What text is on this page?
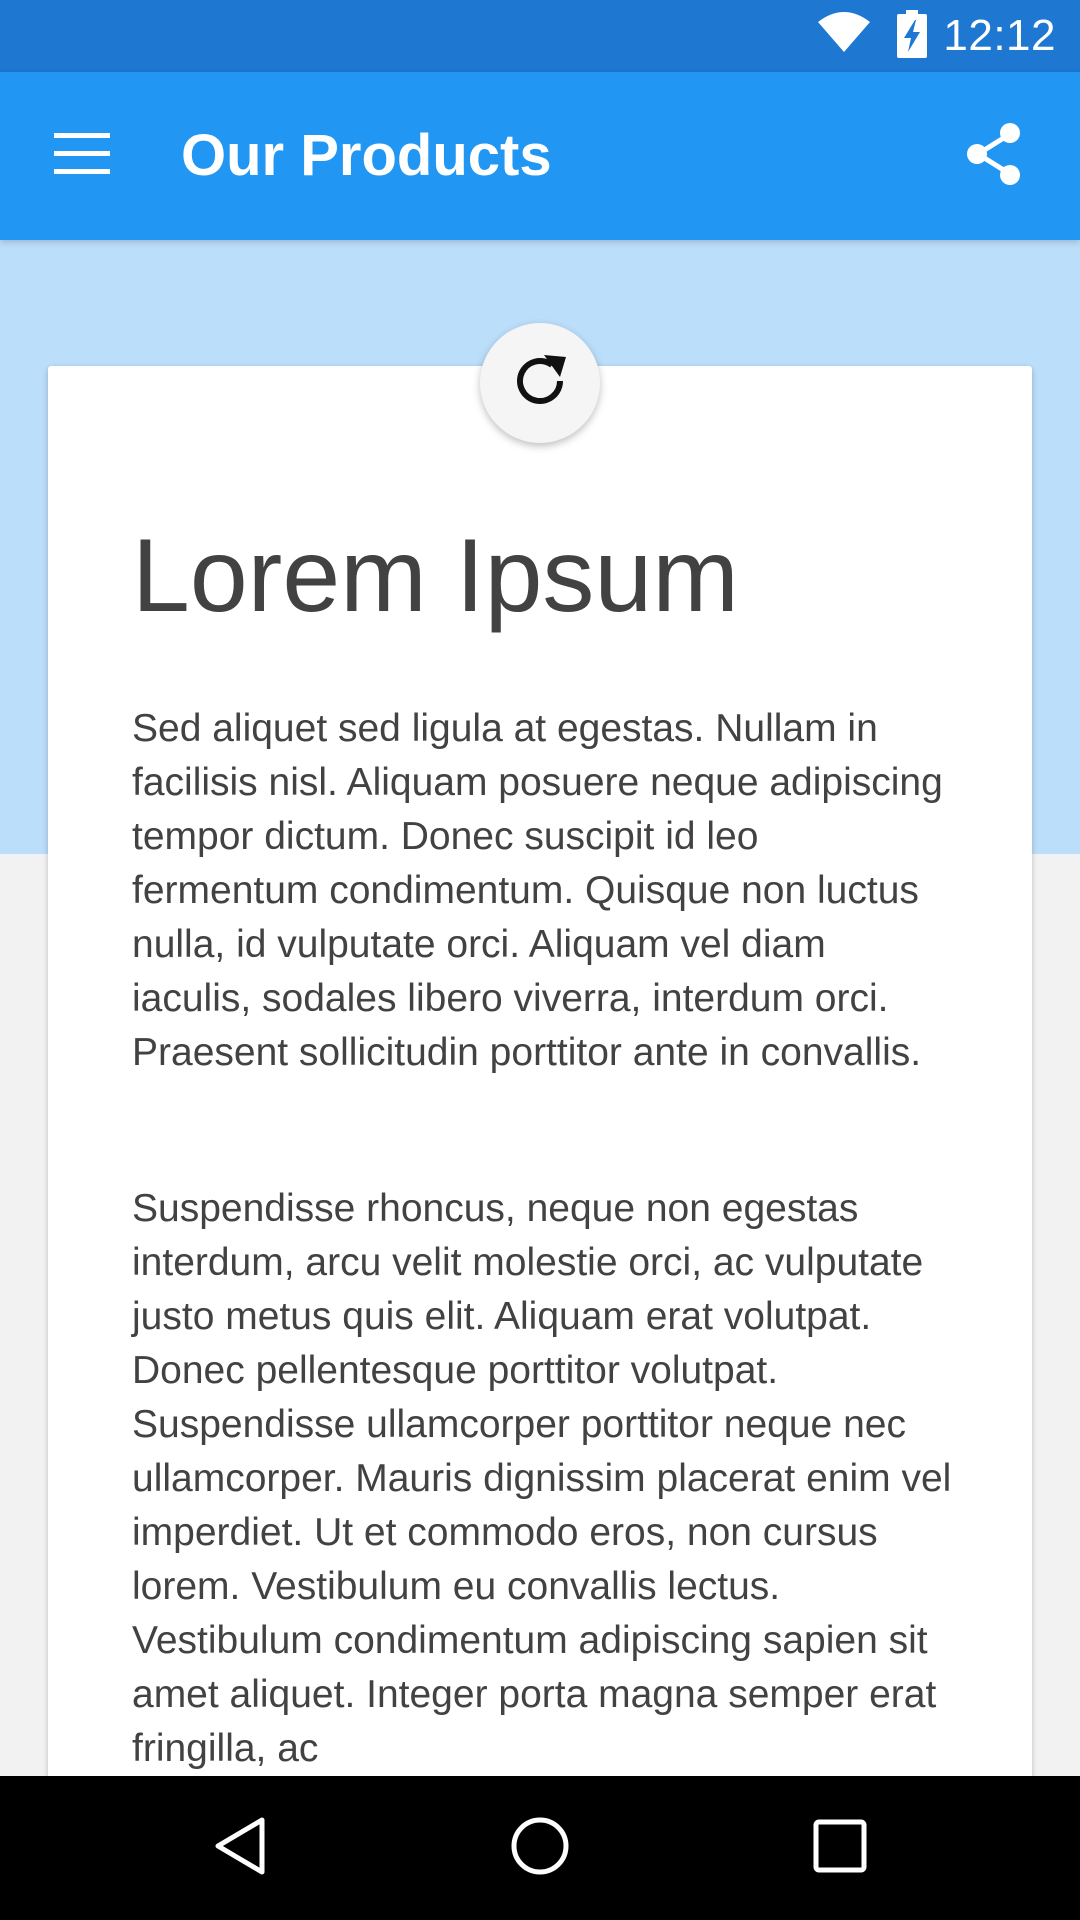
12:12
Our Products
Lorem Ipsum

Sed aliquet sed ligula at egestas. Nullam in facilisis nisl. Aliquam posuere neque adipiscing tempor dictum. Donec suscipit id leo fermentum condimentum. Quisque non luctus nulla, id vulputate orci. Aliquam vel diam iaculis, sodales libero viverra, interdum orci. Praesent sollicitudin porttitor ante in convallis.

Suspendisse rhoncus, neque non egestas interdum, arcu velit molestie orci, ac vulputate justo metus quis elit. Aliquam erat volutpat. Donec pellentesque porttitor volutpat. Suspendisse ullamcorper porttitor neque nec ullamcorper. Mauris dignissim placerat enim vel imperdiet. Ut et commodo eros, non cursus lorem. Vestibulum eu convallis lectus. Vestibulum condimentum adipiscing sapien sit amet aliquet. Integer porta magna semper erat fringilla, ac
